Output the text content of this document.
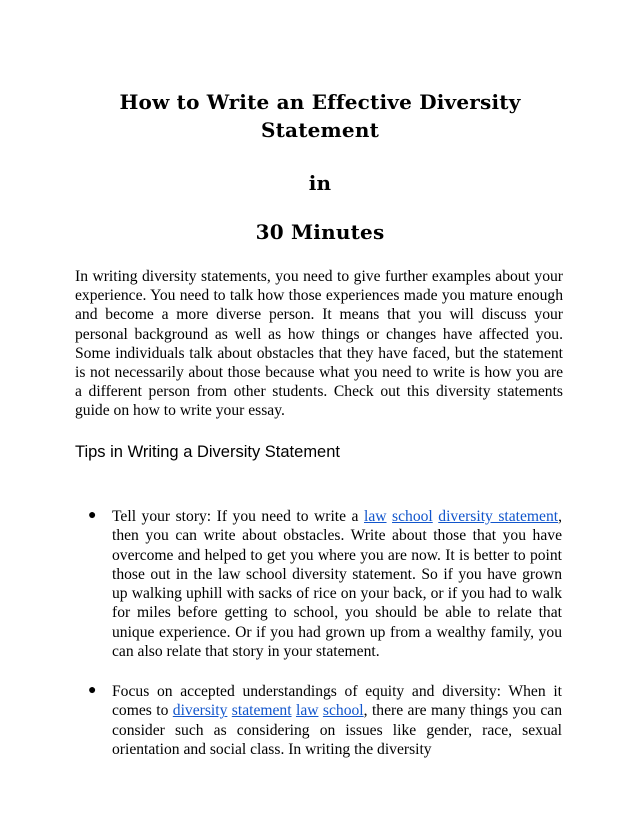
How to Write an Effective Diversity
Statement
in
30 Minutes

In writing diversity statements, you need to give further examples about your experience. You need to talk how those experiences made you mature enough and become a more diverse person. It means that you will discuss your personal background as well as how things or changes have affected you. Some individuals talk about obstacles that they have faced, but the statement is not necessarily about those because what you need to write is how you are a different person from other students. Check out this diversity statements guide on how to write your essay.

Tips in Writing a Diversity Statement

● Tell your story: If you need to write a law school diversity statement, then you can write about obstacles. Write about those that you have overcome and helped to get you where you are now. It is better to point those out in the law school diversity statement. So if you have grown up walking uphill with sacks of rice on your back, or if you had to walk for miles before getting to school, you should be able to relate that unique experience. Or if you had grown up from a wealthy family, you can also relate that story in your statement.

● Focus on accepted understandings of equity and diversity: When it comes to diversity statement law school, there are many things you can consider such as considering on issues like gender, race, sexual orientation and social class. In writing the diversity
